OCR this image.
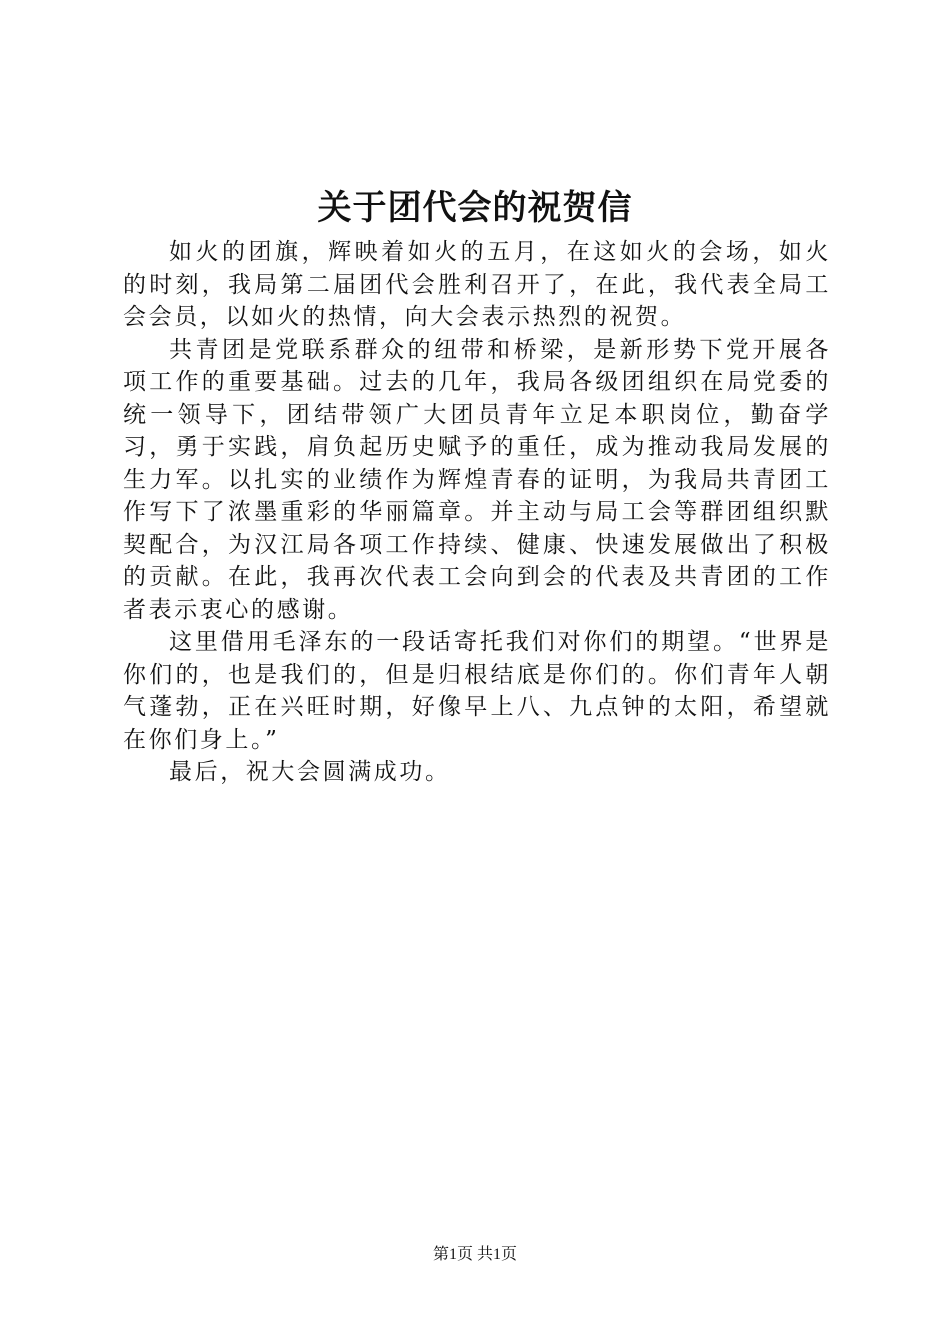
关于团代会的祝贺信

如火的团旗，辉映着如火的五月，在这如火的会场，如火的时刻，我局第二届团代会胜利召开了，在此，我代表全局工会会员，以如火的热情，向大会表示热烈的祝贺。

共青团是党联系群众的纽带和桥梁，是新形势下党开展各项工作的重要基础。过去的几年，我局各级团组织在局党委的统一领导下，团结带领广大团员青年立足本职岗位，勤奋学习，勇于实践，肩负起历史赋予的重任，成为推动我局发展的生力军。以扎实的业绩作为辉煌青春的证明，为我局共青团工作写下了浓墨重彩的华丽篇章。并主动与局工会等群团组织默契配合，为汉江局各项工作持续、健康、快速发展做出了积极的贡献。在此，我再次代表工会向到会的代表及共青团的工作者表示衷心的感谢。

这里借用毛泽东的一段话寄托我们对你们的期望。“世界是你们的，也是我们的，但是归根结底是你们的。你们青年人朝气蓬勃，正在兴旺时期，好像早上八、九点钟的太阳，希望就在你们身上。”

最后，祝大会圆满成功。

第1页 共1页
